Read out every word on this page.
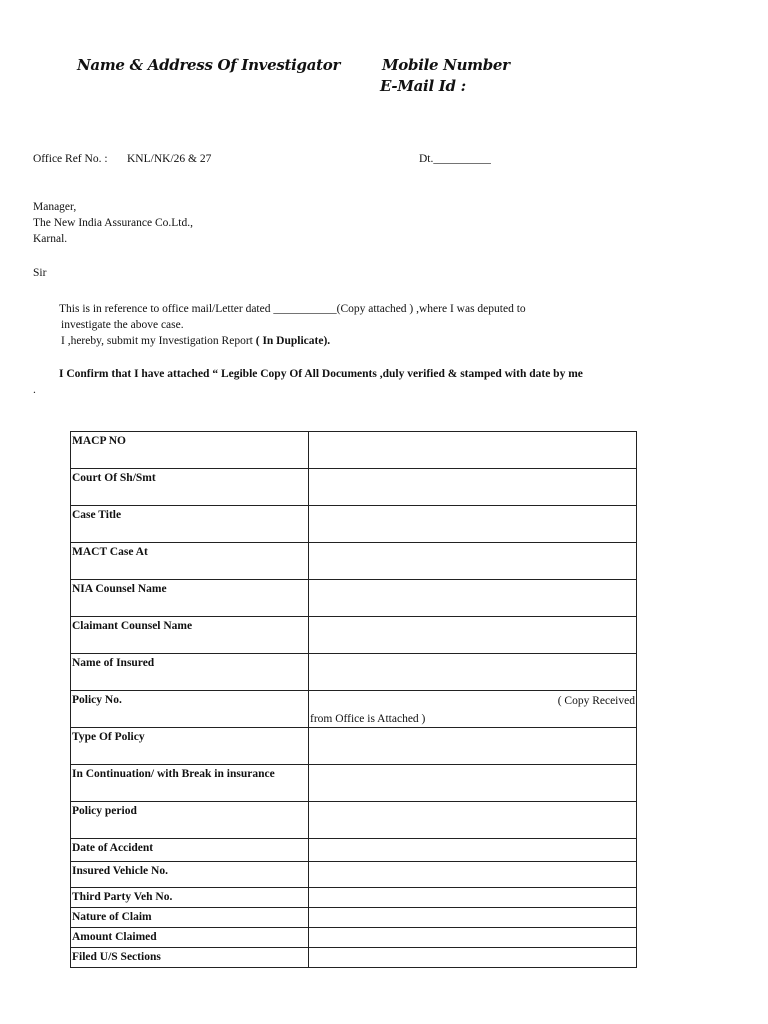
Name & Address Of Investigator	Mobile Number
E-Mail Id :
Office Ref No. : KNL/NK/26 & 27	Dt.__________
Manager,
The New India Assurance Co.Ltd.,
Karnal.
Sir
This is in reference to office mail/Letter dated ___________(Copy attached ) ,where I was deputed to
investigate the above case.
I ,hereby, submit my Investigation Report ( In Duplicate).
I Confirm that I have attached “ Legible Copy Of All Documents ,duly verified & stamped with date by me
.
MACP NO	
Court Of Sh/Smt	
Case Title	
MACT Case At	
NIA Counsel Name	
Claimant Counsel Name	
Name of Insured	
Policy No.	( Copy Received
from Office is Attached )

Type Of Policy	
In Continuation/ with Break in insurance	
Policy period	
Date of Accident	
Insured Vehicle No.	
Third Party Veh No.	
Nature of Claim	
Amount Claimed	
Filed U/S Sections	
